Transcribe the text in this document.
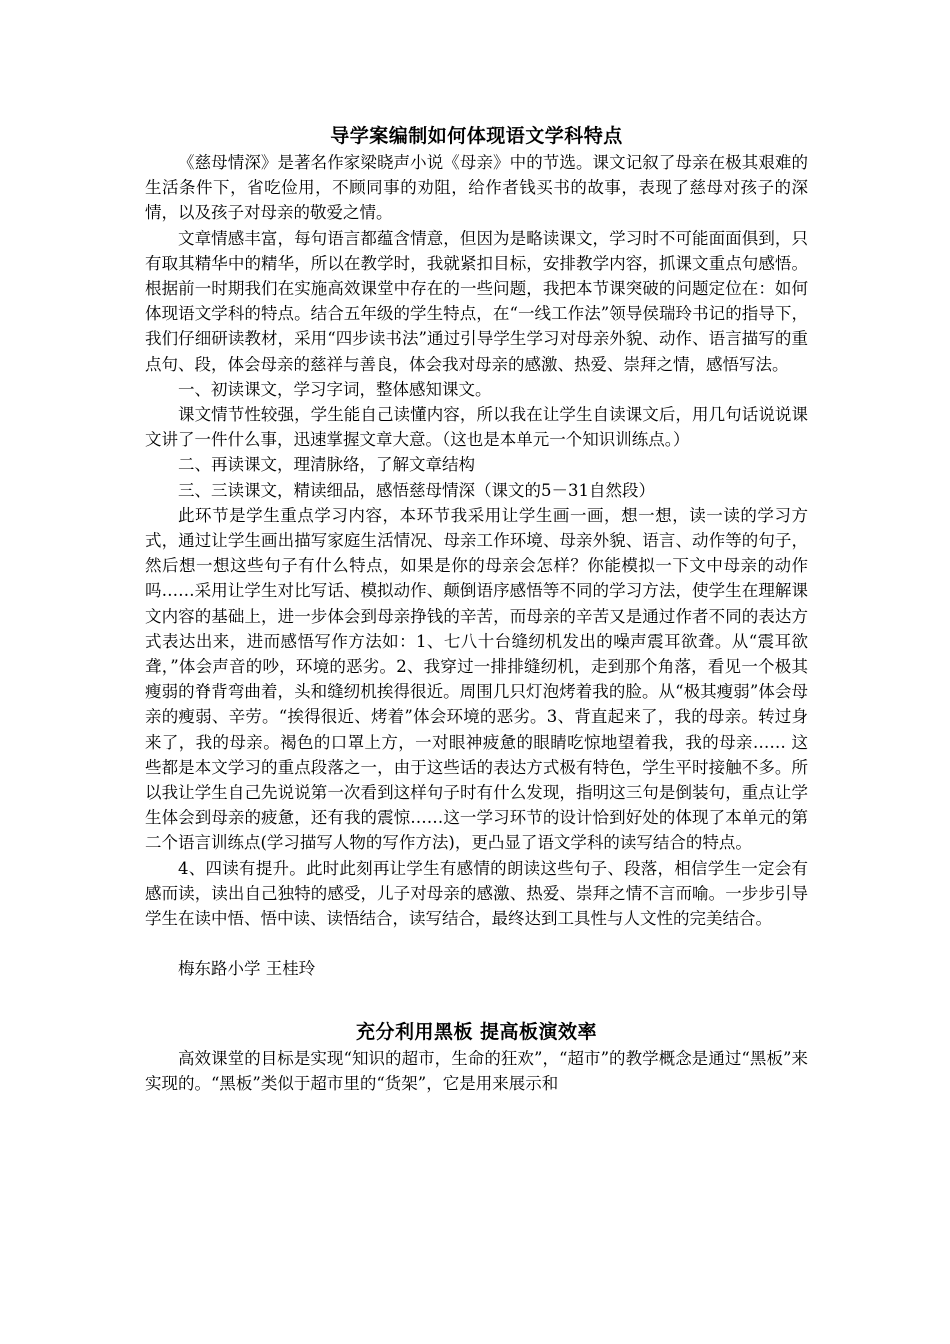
导学案编制如何体现语文学科特点

《慈母情深》是著名作家梁晓声小说《母亲》中的节选。课文记叙了母亲在极其艰难的生活条件下，省吃俭用，不顾同事的劝阻，给作者钱买书的故事，表现了慈母对孩子的深情，以及孩子对母亲的敬爱之情。

文章情感丰富，每句语言都蕴含情意，但因为是略读课文，学习时不可能面面俱到，只有取其精华中的精华，所以在教学时，我就紧扣目标，安排教学内容，抓课文重点句感悟。根据前一时期我们在实施高效课堂中存在的一些问题，我把本节课突破的问题定位在：如何体现语文学科的特点。结合五年级的学生特点，在“一线工作法”领导侯瑞玲书记的指导下，我们仔细研读教材，采用“四步读书法”通过引导学生学习对母亲外貌、动作、语言描写的重点句、段，体会母亲的慈祥与善良，体会我对母亲的感激、热爱、崇拜之情，感悟写法。

一、初读课文，学习字词，整体感知课文。

课文情节性较强，学生能自己读懂内容，所以我在让学生自读课文后，用几句话说说课文讲了一件什么事，迅速掌握文章大意。（这也是本单元一个知识训练点。）

二、再读课文，理清脉络，了解文章结构

三、三读课文，精读细品，感悟慈母情深（课文的5－31自然段）

此环节是学生重点学习内容，本环节我采用让学生画一画，想一想，读一读的学习方式，通过让学生画出描写家庭生活情况、母亲工作环境、母亲外貌、语言、动作等的句子，然后想一想这些句子有什么特点，如果是你的母亲会怎样？你能模拟一下文中母亲的动作吗……采用让学生对比写话、模拟动作、颠倒语序感悟等不同的学习方法，使学生在理解课文内容的基础上，进一步体会到母亲挣钱的辛苦，而母亲的辛苦又是通过作者不同的表达方式表达出来，进而感悟写作方法如：1、七八十台缝纫机发出的噪声震耳欲聋。从“震耳欲聋，”体会声音的吵，环境的恶劣。2、我穿过一排排缝纫机，走到那个角落，看见一个极其瘦弱的脊背弯曲着，头和缝纫机挨得很近。周围几只灯泡烤着我的脸。从“极其瘦弱”体会母亲的瘦弱、辛劳。“挨得很近、烤着”体会环境的恶劣。3、背直起来了，我的母亲。转过身来了，我的母亲。褐色的口罩上方，一对眼神疲惫的眼睛吃惊地望着我，我的母亲…… 这些都是本文学习的重点段落之一，由于这些话的表达方式极有特色，学生平时接触不多。所以我让学生自己先说说第一次看到这样句子时有什么发现，指明这三句是倒装句，重点让学生体会到母亲的疲惫，还有我的震惊……这一学习环节的设计恰到好处的体现了本单元的第二个语言训练点(学习描写人物的写作方法)，更凸显了语文学科的读写结合的特点。

4、四读有提升。此时此刻再让学生有感情的朗读这些句子、段落，相信学生一定会有感而读，读出自己独特的感受，儿子对母亲的感激、热爱、崇拜之情不言而喻。一步步引导学生在读中悟、悟中读、读悟结合，读写结合，最终达到工具性与人文性的完美结合。

梅东路小学 王桂玲

充分利用黑板 提高板演效率

高效课堂的目标是实现“知识的超市，生命的狂欢”，“超市”的教学概念是通过“黑板”来实现的。“黑板”类似于超市里的“货架”，它是用来展示和
